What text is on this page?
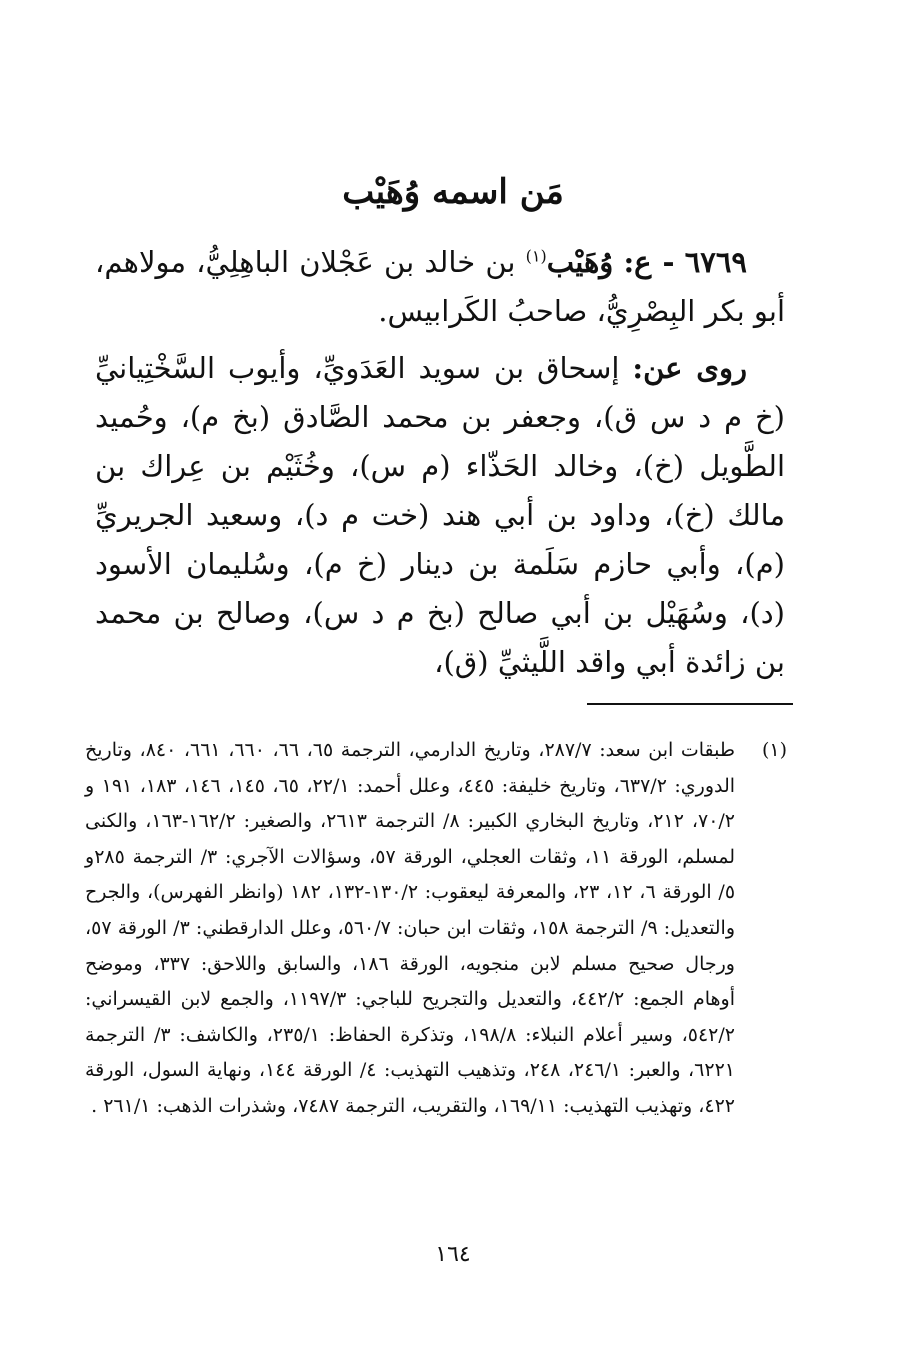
مَن اسمه وُهَيْب

٦٧٦٩ - ع: وُهَيْب$^{(١)}$ بن خالد بن عَجْلان الباهِلِيُّ، مولاهم، أبو بكر البِصْرِيُّ، صاحبُ الكَرابيس.

روى عن: إسحاق بن سويد العَدَويِّ، وأيوب السَّخْتِيانيِّ (خ م د س ق)، وجعفر بن محمد الصَّادق (بخ م)، وحُميد الطَّويل (خ)، وخالد الحَذّاء (م س)، وخُثَيْم بن عِراك بن مالك (خ)، وداود بن أبي هند (خت م د)، وسعيد الجريريِّ (م)، وأبي حازم سَلَمة بن دينار (خ م)، وسُليمان الأسود (د)، وسُهَيْل بن أبي صالح (بخ م د س)، وصالح بن محمد بن زائدة أبي واقد اللَّيثيِّ (ق)،

(١)
طبقات ابن سعد: ٢٨٧/٧، وتاريخ الدارمي، الترجمة ٦٥، ٦٦، ٦٦٠، ٦٦١، ٨٤٠، وتاريخ الدوري: ٦٣٧/٢، وتاريخ خليفة: ٤٤٥، وعلل أحمد: ٢٢/١، ٦٥، ١٤٥، ١٤٦، ١٨٣، ١٩١ و ٧٠/٢، ٢١٢، وتاريخ البخاري الكبير: ٨/ الترجمة ٢٦١٣، والصغير: ١٦٢/٢-١٦٣، والكنى لمسلم، الورقة ١١، وثقات العجلي، الورقة ٥٧، وسؤالات الآجري: ٣/ الترجمة ٢٨٥و ٥/ الورقة ٦، ١٢، ٢٣، والمعرفة ليعقوب: ١٣٠/٢-١٣٢، ١٨٢ (وانظر الفهرس)، والجرح والتعديل: ٩/ الترجمة ١٥٨، وثقات ابن حبان: ٥٦٠/٧، وعلل الدارقطني: ٣/ الورقة ٥٧، ورجال صحيح مسلم لابن منجويه، الورقة ١٨٦، والسابق واللاحق: ٣٣٧، وموضح أوهام الجمع: ٤٤٢/٢، والتعديل والتجريح للباجي: ١١٩٧/٣، والجمع لابن القيسراني: ٥٤٢/٢، وسير أعلام النبلاء: ١٩٨/٨، وتذكرة الحفاظ: ٢٣٥/١، والكاشف: ٣/ الترجمة ٦٢٢١، والعبر: ٢٤٦/١، ٢٤٨، وتذهيب التهذيب: ٤/ الورقة ١٤٤، ونهاية السول، الورقة ٤٢٢، وتهذيب التهذيب: ١٦٩/١١، والتقريب، الترجمة ٧٤٨٧، وشذرات الذهب: ٢٦١/١ .
١٦٤
